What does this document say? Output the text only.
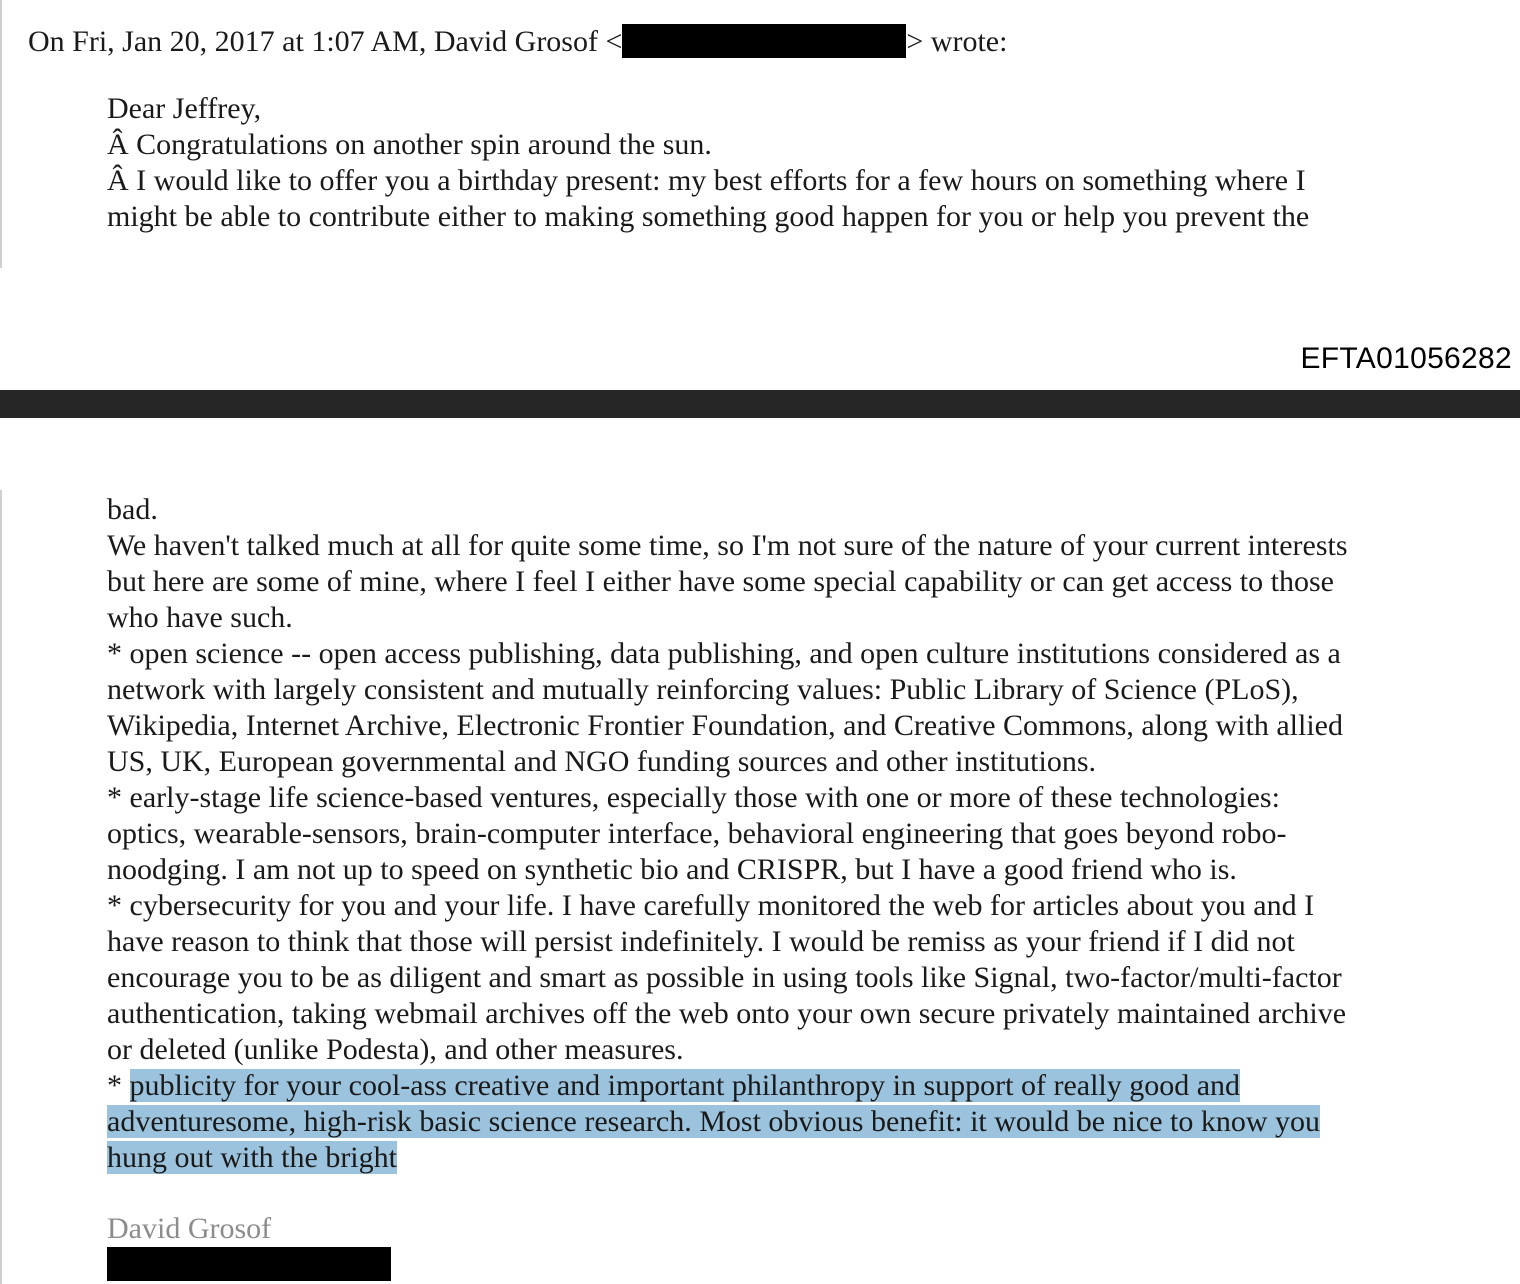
On Fri, Jan 20, 2017 at 1:07 AM, David Grosof <	> wrote:
Dear Jeffrey,
Â Congratulations on another spin around the sun.
Â I would like to offer you a birthday present: my best efforts for a few hours on something where I
might be able to contribute either to making something good happen for you or help you prevent the
EFTA01056282
bad.
We haven't talked much at all for quite some time, so I'm not sure of the nature of your current interests
but here are some of mine, where I feel I either have some special capability or can get access to those
who have such.
* open science -- open access publishing, data publishing, and open culture institutions considered as a
network with largely consistent and mutually reinforcing values: Public Library of Science (PLoS),
Wikipedia, Internet Archive, Electronic Frontier Foundation, and Creative Commons, along with allied
US, UK, European governmental and NGO funding sources and other institutions.
* early-stage life science-based ventures, especially those with one or more of these technologies:
optics, wearable-sensors, brain-computer interface, behavioral engineering that goes beyond robo-
noodging. I am not up to speed on synthetic bio and CRISPR, but I have a good friend who is.
* cybersecurity for you and your life. I have carefully monitored the web for articles about you and I
have reason to think that those will persist indefinitely. I would be remiss as your friend if I did not
encourage you to be as diligent and smart as possible in using tools like Signal, two-factor/multi-factor
authentication, taking webmail archives off the web onto your own secure privately maintained archive
or deleted (unlike Podesta), and other measures.
* publicity for your cool-ass creative and important philanthropy in support of really good and
adventuresome, high-risk basic science research. Most obvious benefit: it would be nice to know you
hung out with the bright
David Grosof
